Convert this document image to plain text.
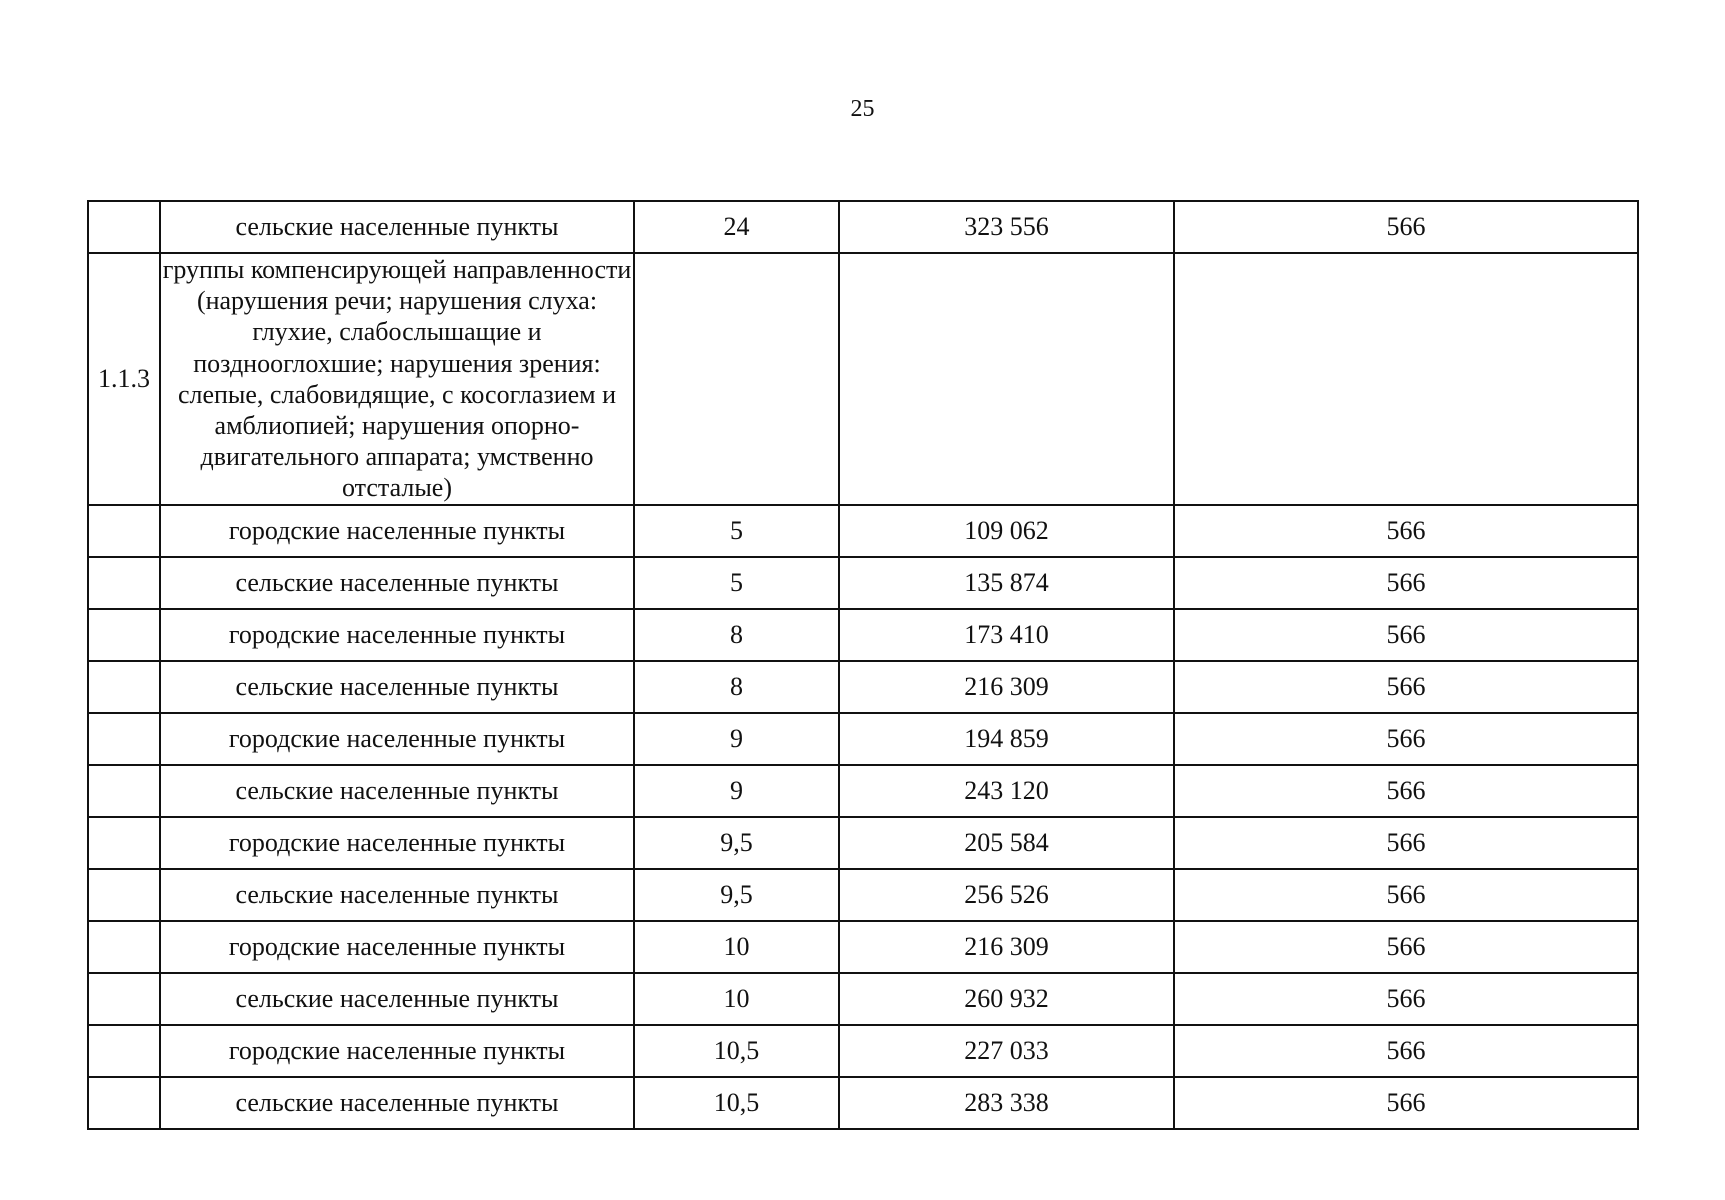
25
	сельские населенные пункты	24	323 556	566
1.1.3	группы компенсирующей направленности (нарушения речи; нарушения слуха: глухие, слабослышащие и позднооглохшие; нарушения зрения: слепые, слабовидящие, с косоглазием и амблиопией; нарушения опорно-двигательного аппарата; умственно отсталые)			
	городские населенные пункты	5	109 062	566
	сельские населенные пункты	5	135 874	566
	городские населенные пункты	8	173 410	566
	сельские населенные пункты	8	216 309	566
	городские населенные пункты	9	194 859	566
	сельские населенные пункты	9	243 120	566
	городские населенные пункты	9,5	205 584	566
	сельские населенные пункты	9,5	256 526	566
	городские населенные пункты	10	216 309	566
	сельские населенные пункты	10	260 932	566
	городские населенные пункты	10,5	227 033	566
	сельские населенные пункты	10,5	283 338	566
